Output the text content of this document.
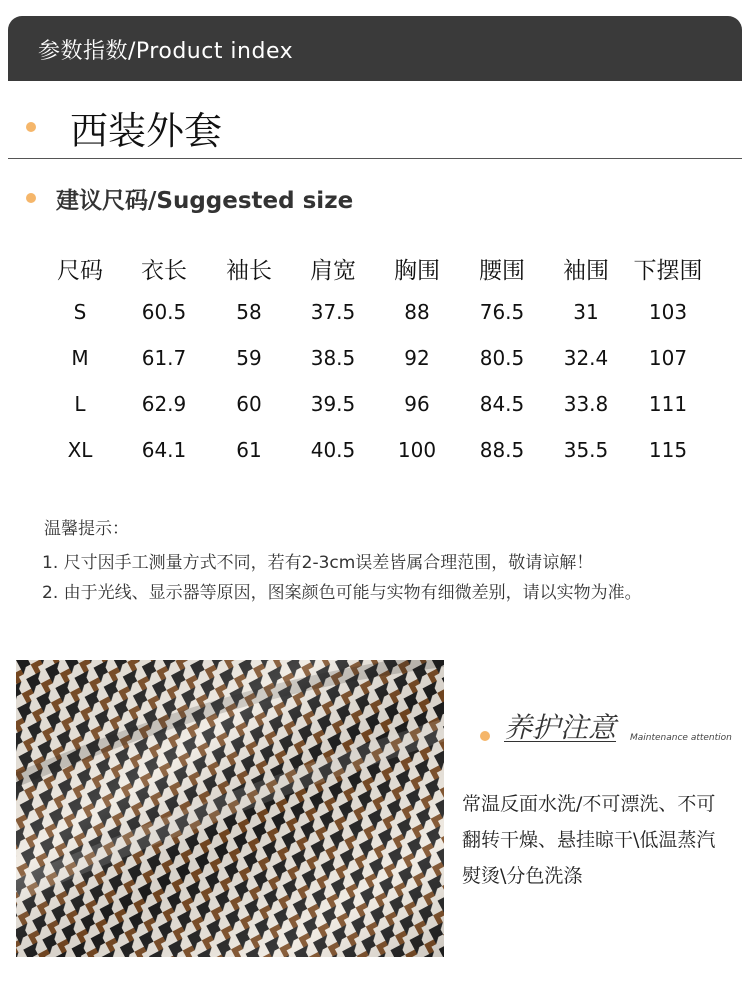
参数指数/Product index
西装外套
建议尺码/Suggested size
尺码	衣长	袖长	肩宽	胸围	腰围	袖围	下摆围
S	60.5	58	37.5	88	76.5	31	103
M	61.7	59	38.5	92	80.5	32.4	107
L	62.9	60	39.5	96	84.5	33.8	111
XL	64.1	61	40.5	100	88.5	35.5	115
温馨提示：
1. 尺寸因手工测量方式不同，若有2-3cm误差皆属合理范围，敬请谅解！
2. 由于光线、显示器等原因，图案颜色可能与实物有细微差别，请以实物为准。
养护注意 Maintenance attention
常温反面水洗/不可漂洗、不可
翻转干燥、悬挂晾干\低温蒸汽
熨烫\分色洗涤
